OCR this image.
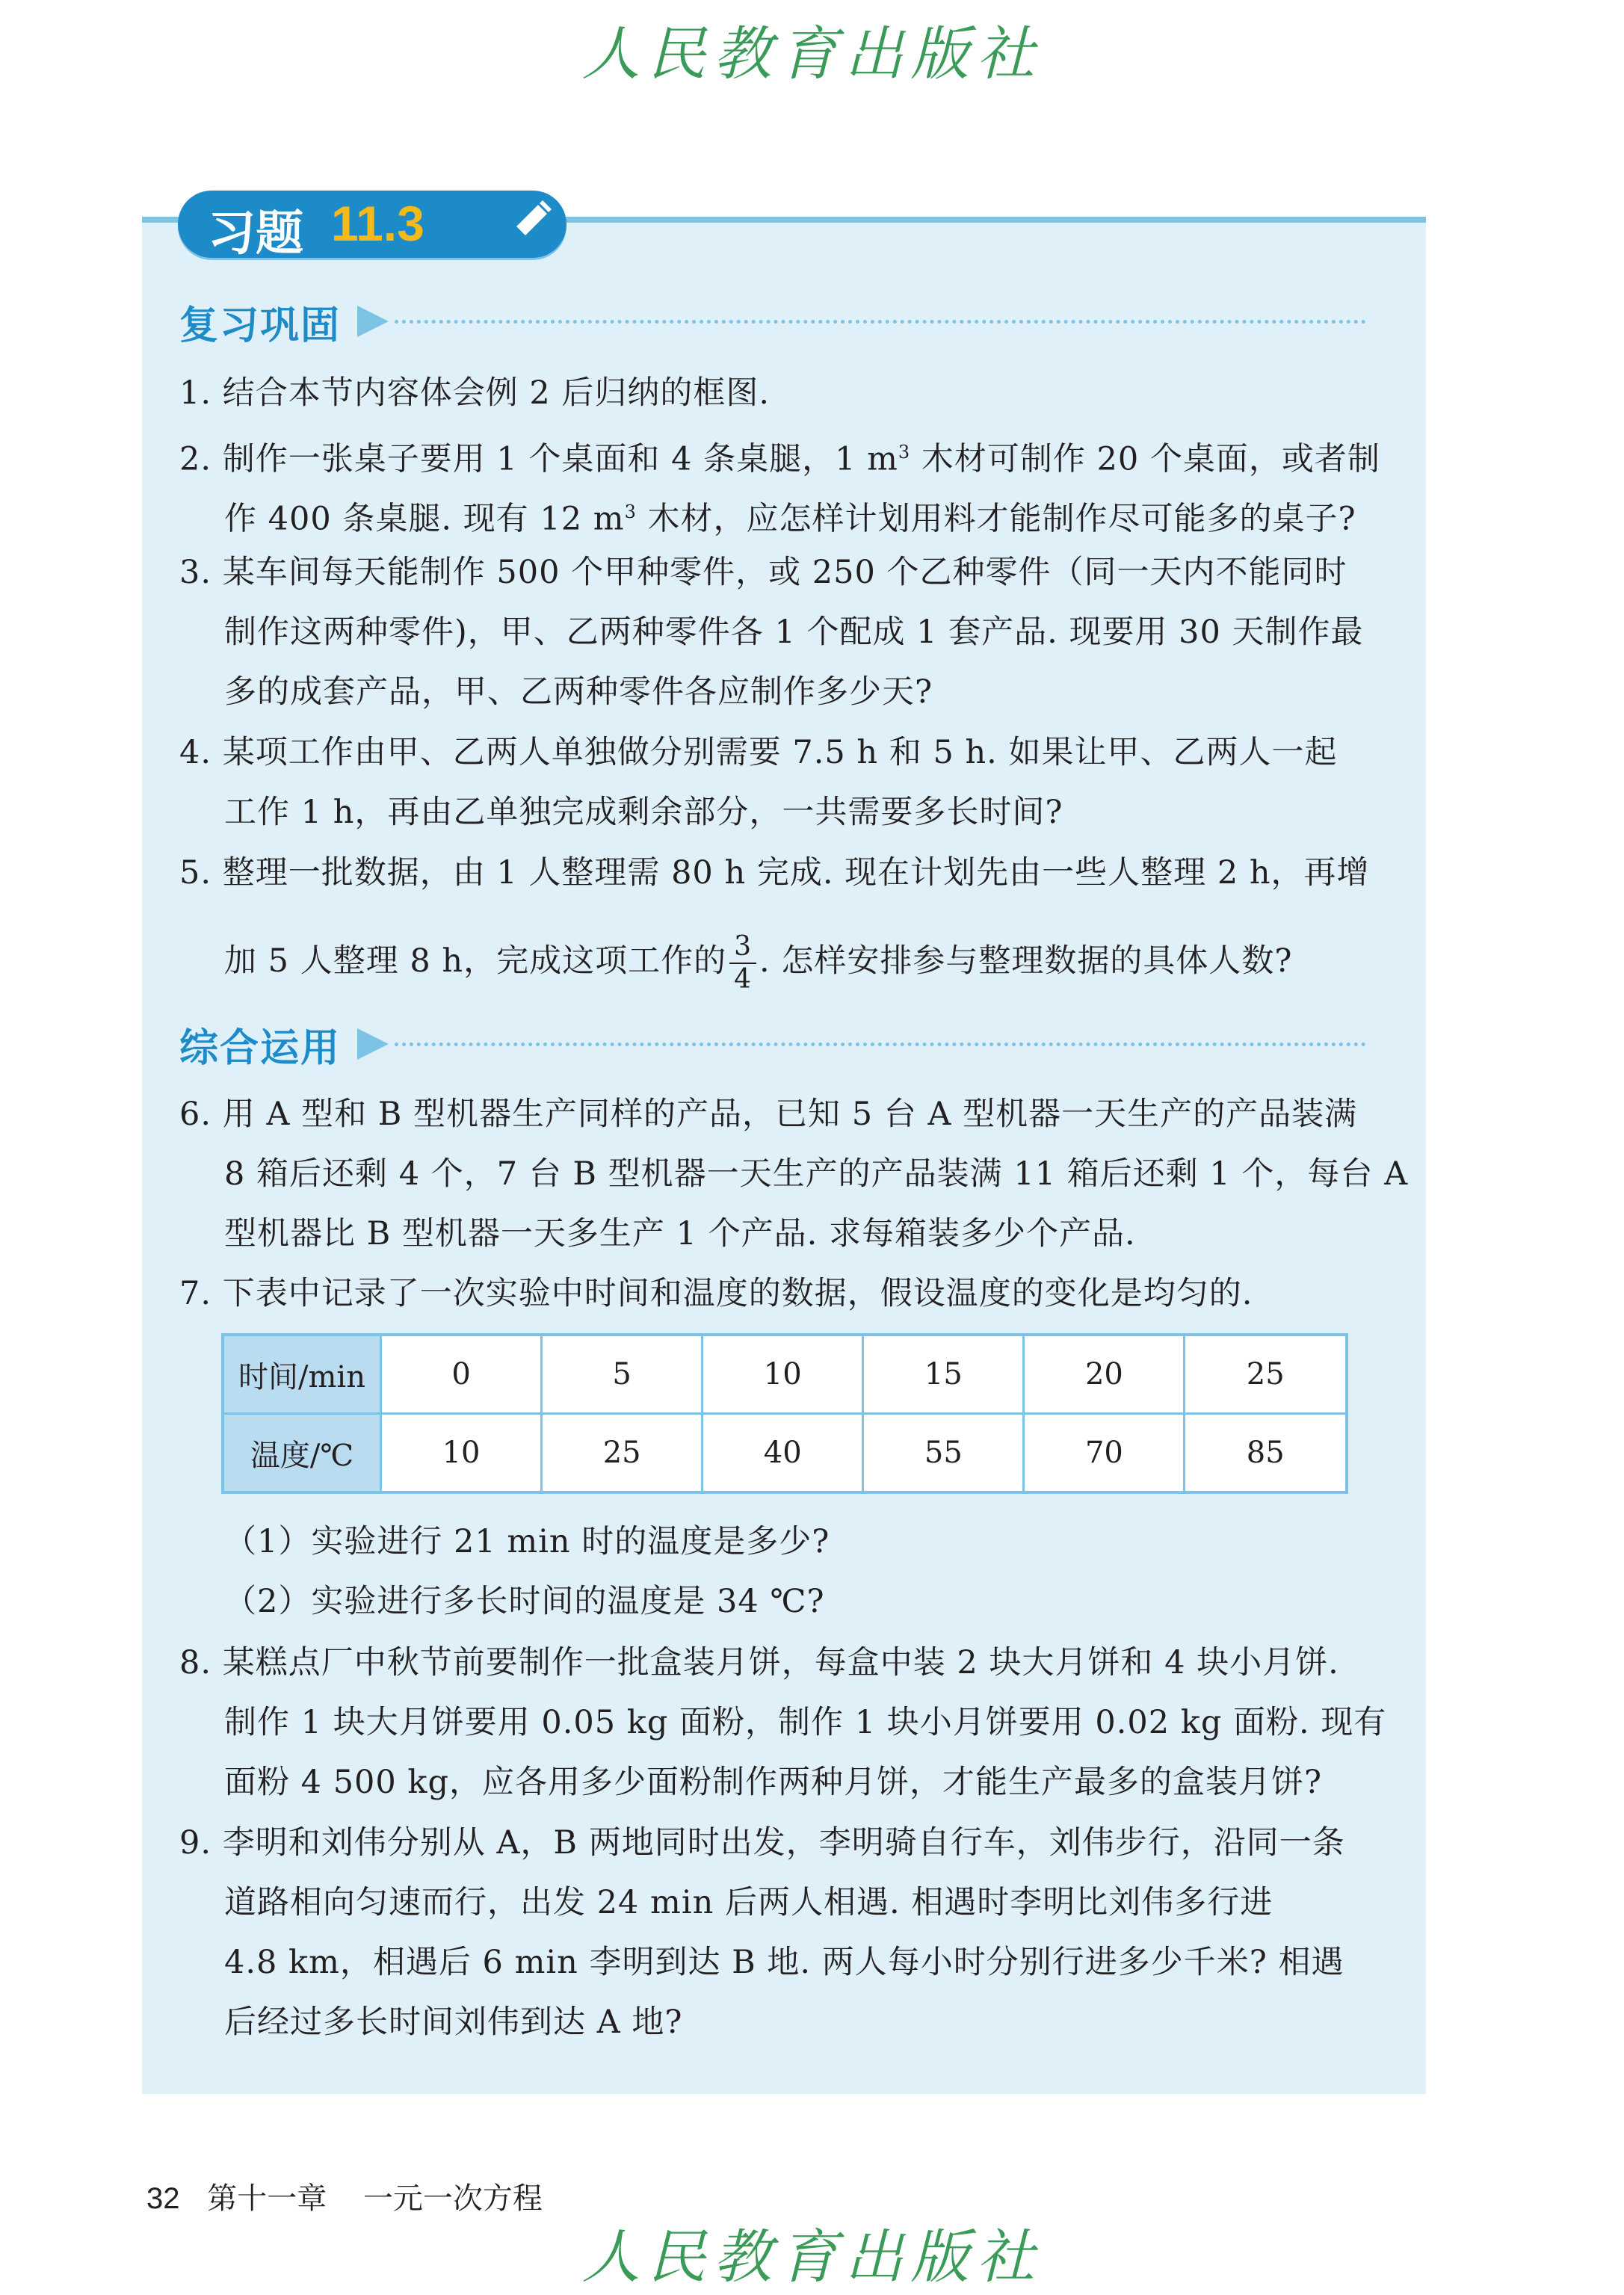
人民教育出版社
习题 11.3
复习巩固
1. 结合本节内容体会例 2 后归纳的框图.
2. 制作一张桌子要用 1 个桌面和 4 条桌腿，1 $m^3$ 木材可制作 20 个桌面，或者制
作 400 条桌腿. 现有 12 $m^3$ 木材，应怎样计划用料才能制作尽可能多的桌子?
3. 某车间每天能制作 500 个甲种零件，或 250 个乙种零件（同一天内不能同时
制作这两种零件)，甲、乙两种零件各 1 个配成 1 套产品. 现要用 30 天制作最
多的成套产品，甲、乙两种零件各应制作多少天?
4. 某项工作由甲、乙两人单独做分别需要 7.5 h 和 5 h. 如果让甲、乙两人一起
工作 1 h，再由乙单独完成剩余部分，一共需要多长时间?
5. 整理一批数据，由 1 人整理需 80 h 完成. 现在计划先由一些人整理 2 h，再增
加 5 人整理 8 h，完成这项工作的 $\frac{3}{4}$ . 怎样安排参与整理数据的具体人数?
综合运用
6. 用 A 型和 B 型机器生产同样的产品，已知 5 台 A 型机器一天生产的产品装满
8 箱后还剩 4 个，7 台 B 型机器一天生产的产品装满 11 箱后还剩 1 个，每台 A
型机器比 B 型机器一天多生产 1 个产品. 求每箱装多少个产品.
7. 下表中记录了一次实验中时间和温度的数据，假设温度的变化是均匀的.
时间/min	0	5	10	15	20	25
温度/℃	10	25	40	55	70	85
（1）实验进行 21 min 时的温度是多少?
（2）实验进行多长时间的温度是 34 ℃?
8. 某糕点厂中秋节前要制作一批盒装月饼，每盒中装 2 块大月饼和 4 块小月饼.
制作 1 块大月饼要用 0.05 kg 面粉，制作 1 块小月饼要用 0.02 kg 面粉. 现有
面粉 4 500 kg，应各用多少面粉制作两种月饼，才能生产最多的盒装月饼?
9. 李明和刘伟分别从 A，B 两地同时出发，李明骑自行车，刘伟步行，沿同一条
道路相向匀速而行，出发 24 min 后两人相遇. 相遇时李明比刘伟多行进
4.8 km，相遇后 6 min 李明到达 B 地. 两人每小时分别行进多少千米? 相遇
后经过多长时间刘伟到达 A 地?
32 第十一章 一元一次方程
人民教育出版社
